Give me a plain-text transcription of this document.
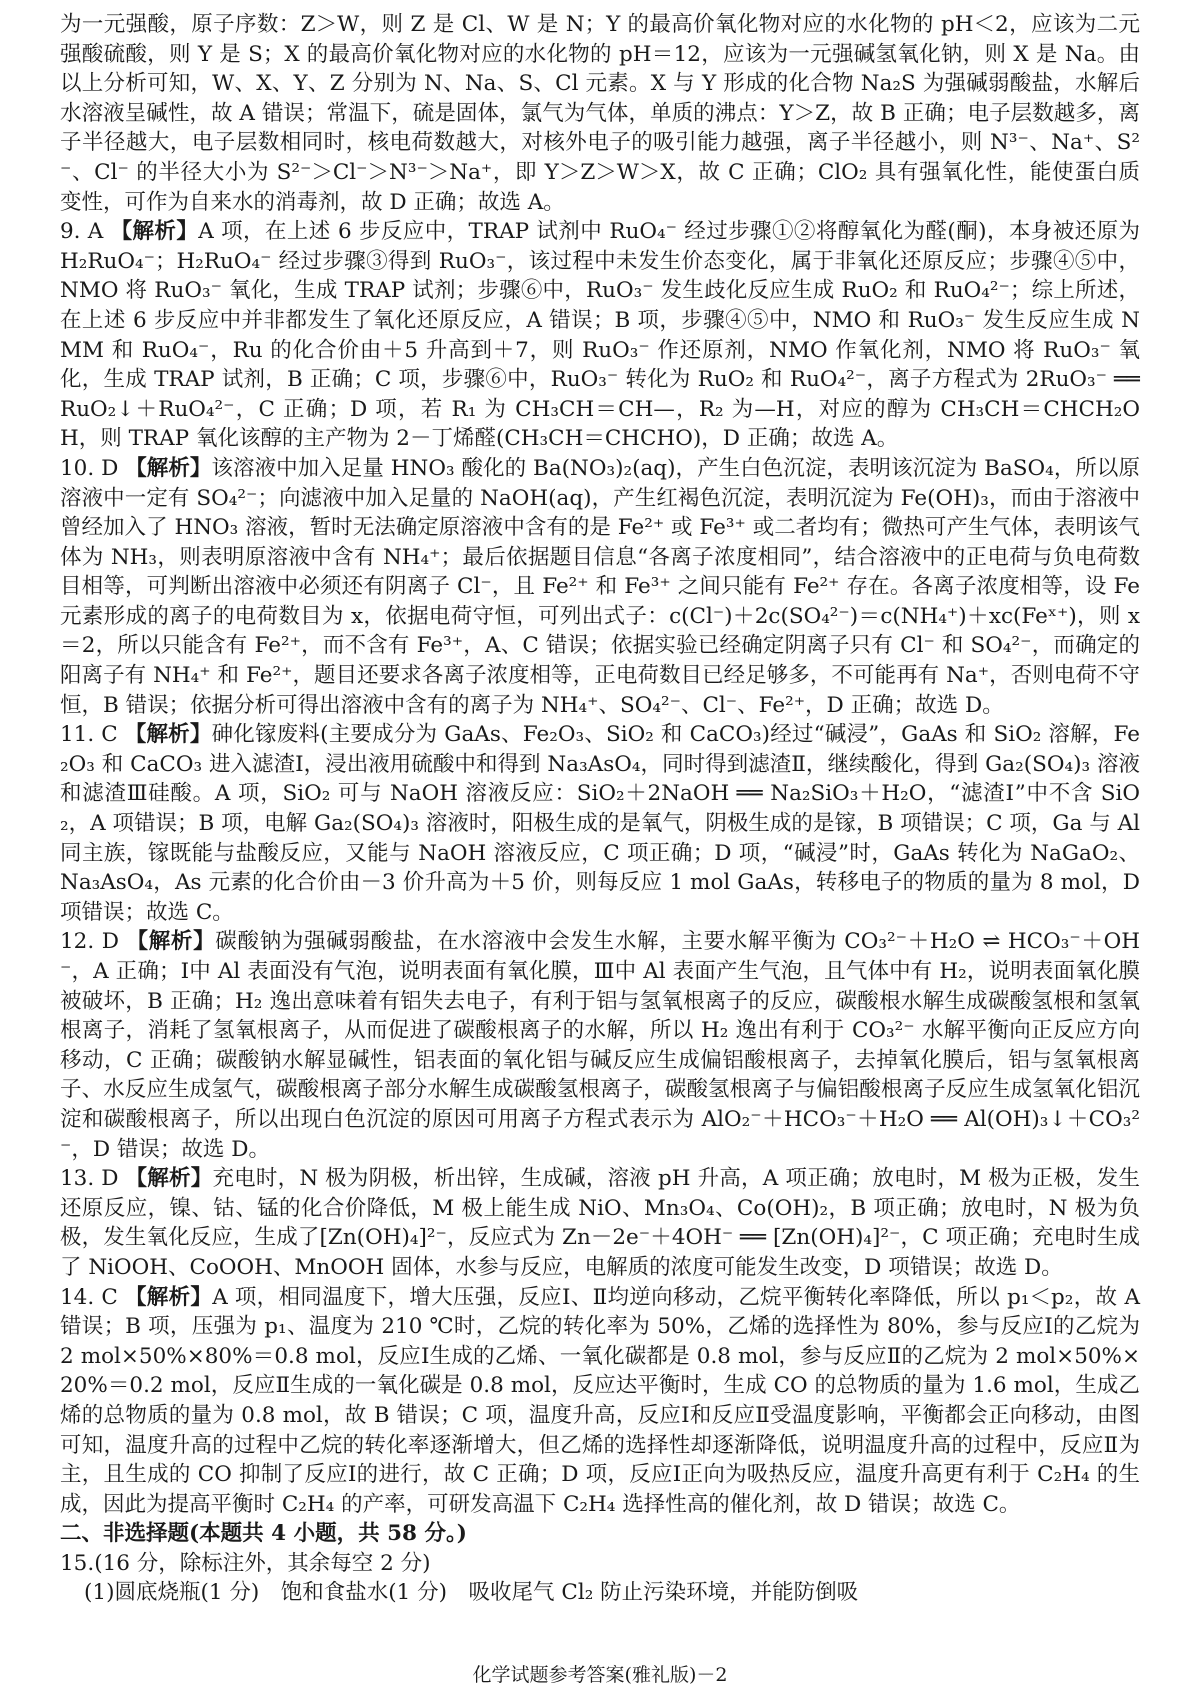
为一元强酸，原子序数：Z＞W，则 Z 是 Cl、W 是 N；Y 的最高价氧化物对应的水化物的 pH＜2，应该为二元强酸硫酸，则 Y 是 S；X 的最高价氧化物对应的水化物的 pH＝12，应该为一元强碱氢氧化钠，则 X 是 Na。由以上分析可知，W、X、Y、Z 分别为 N、Na、S、Cl 元素。X 与 Y 形成的化合物 Na₂S 为强碱弱酸盐，水解后水溶液呈碱性，故 A 错误；常温下，硫是固体，氯气为气体，单质的沸点：Y＞Z，故 B 正确；电子层数越多，离子半径越大，电子层数相同时，核电荷数越大，对核外电子的吸引能力越强，离子半径越小，则 N³⁻、Na⁺、S²⁻、Cl⁻ 的半径大小为 S²⁻＞Cl⁻＞N³⁻＞Na⁺，即 Y＞Z＞W＞X，故 C 正确；ClO₂ 具有强氧化性，能使蛋白质变性，可作为自来水的消毒剂，故 D 正确；故选 A。

9. A 【解析】A 项，在上述 6 步反应中，TRAP 试剂中 RuO₄⁻ 经过步骤①②将醇氧化为醛(酮)，本身被还原为 H₂RuO₄⁻；H₂RuO₄⁻ 经过步骤③得到 RuO₃⁻，该过程中未发生价态变化，属于非氧化还原反应；步骤④⑤中，NMO 将 RuO₃⁻ 氧化，生成 TRAP 试剂；步骤⑥中，RuO₃⁻ 发生歧化反应生成 RuO₂ 和 RuO₄²⁻；综上所述，在上述 6 步反应中并非都发生了氧化还原反应，A 错误；B 项，步骤④⑤中，NMO 和 RuO₃⁻ 发生反应生成 NMM 和 RuO₄⁻，Ru 的化合价由＋5 升高到＋7，则 RuO₃⁻ 作还原剂，NMO 作氧化剂，NMO 将 RuO₃⁻ 氧化，生成 TRAP 试剂，B 正确；C 项，步骤⑥中，RuO₃⁻ 转化为 RuO₂ 和 RuO₄²⁻，离子方程式为 2RuO₃⁻ ══ RuO₂↓＋RuO₄²⁻，C 正确；D 项，若 R₁ 为 CH₃CH＝CH—，R₂ 为—H，对应的醇为 CH₃CH＝CHCH₂OH，则 TRAP 氧化该醇的主产物为 2－丁烯醛(CH₃CH＝CHCHO)，D 正确；故选 A。

10. D 【解析】该溶液中加入足量 HNO₃ 酸化的 Ba(NO₃)₂(aq)，产生白色沉淀，表明该沉淀为 BaSO₄，所以原溶液中一定有 SO₄²⁻；向滤液中加入足量的 NaOH(aq)，产生红褐色沉淀，表明沉淀为 Fe(OH)₃，而由于溶液中曾经加入了 HNO₃ 溶液，暂时无法确定原溶液中含有的是 Fe²⁺ 或 Fe³⁺ 或二者均有；微热可产生气体，表明该气体为 NH₃，则表明原溶液中含有 NH₄⁺；最后依据题目信息“各离子浓度相同”，结合溶液中的正电荷与负电荷数目相等，可判断出溶液中必须还有阴离子 Cl⁻，且 Fe²⁺ 和 Fe³⁺ 之间只能有 Fe²⁺ 存在。各离子浓度相等，设 Fe 元素形成的离子的电荷数目为 x，依据电荷守恒，可列出式子：c(Cl⁻)＋2c(SO₄²⁻)＝c(NH₄⁺)＋xc(Feˣ⁺)，则 x＝2，所以只能含有 Fe²⁺，而不含有 Fe³⁺，A、C 错误；依据实验已经确定阴离子只有 Cl⁻ 和 SO₄²⁻，而确定的阳离子有 NH₄⁺ 和 Fe²⁺，题目还要求各离子浓度相等，正电荷数目已经足够多，不可能再有 Na⁺，否则电荷不守恒，B 错误；依据分析可得出溶液中含有的离子为 NH₄⁺、SO₄²⁻、Cl⁻、Fe²⁺，D 正确；故选 D。

11. C 【解析】砷化镓废料(主要成分为 GaAs、Fe₂O₃、SiO₂ 和 CaCO₃)经过“碱浸”，GaAs 和 SiO₂ 溶解，Fe₂O₃ 和 CaCO₃ 进入滤渣Ⅰ，浸出液用硫酸中和得到 Na₃AsO₄，同时得到滤渣Ⅱ，继续酸化，得到 Ga₂(SO₄)₃ 溶液和滤渣Ⅲ硅酸。A 项，SiO₂ 可与 NaOH 溶液反应：SiO₂＋2NaOH ══ Na₂SiO₃＋H₂O，“滤渣Ⅰ”中不含 SiO₂，A 项错误；B 项，电解 Ga₂(SO₄)₃ 溶液时，阳极生成的是氧气，阴极生成的是镓，B 项错误；C 项，Ga 与 Al 同主族，镓既能与盐酸反应，又能与 NaOH 溶液反应，C 项正确；D 项，“碱浸”时，GaAs 转化为 NaGaO₂、Na₃AsO₄，As 元素的化合价由－3 价升高为＋5 价，则每反应 1 mol GaAs，转移电子的物质的量为 8 mol，D 项错误；故选 C。

12. D 【解析】碳酸钠为强碱弱酸盐，在水溶液中会发生水解，主要水解平衡为 CO₃²⁻＋H₂O ⇌ HCO₃⁻＋OH⁻，A 正确；Ⅰ中 Al 表面没有气泡，说明表面有氧化膜，Ⅲ中 Al 表面产生气泡，且气体中有 H₂，说明表面氧化膜被破坏，B 正确；H₂ 逸出意味着有铝失去电子，有利于铝与氢氧根离子的反应，碳酸根水解生成碳酸氢根和氢氧根离子，消耗了氢氧根离子，从而促进了碳酸根离子的水解，所以 H₂ 逸出有利于 CO₃²⁻ 水解平衡向正反应方向移动，C 正确；碳酸钠水解显碱性，铝表面的氧化铝与碱反应生成偏铝酸根离子，去掉氧化膜后，铝与氢氧根离子、水反应生成氢气，碳酸根离子部分水解生成碳酸氢根离子，碳酸氢根离子与偏铝酸根离子反应生成氢氧化铝沉淀和碳酸根离子，所以出现白色沉淀的原因可用离子方程式表示为 AlO₂⁻＋HCO₃⁻＋H₂O ══ Al(OH)₃↓＋CO₃²⁻，D 错误；故选 D。

13. D 【解析】充电时，N 极为阴极，析出锌，生成碱，溶液 pH 升高，A 项正确；放电时，M 极为正极，发生还原反应，镍、钴、锰的化合价降低，M 极上能生成 NiO、Mn₃O₄、Co(OH)₂，B 项正确；放电时，N 极为负极，发生氧化反应，生成了[Zn(OH)₄]²⁻，反应式为 Zn－2e⁻＋4OH⁻ ══ [Zn(OH)₄]²⁻，C 项正确；充电时生成了 NiOOH、CoOOH、MnOOH 固体，水参与反应，电解质的浓度可能发生改变，D 项错误；故选 D。

14. C 【解析】A 项，相同温度下，增大压强，反应Ⅰ、Ⅱ均逆向移动，乙烷平衡转化率降低，所以 p₁＜p₂，故 A 错误；B 项，压强为 p₁、温度为 210 ℃时，乙烷的转化率为 50%，乙烯的选择性为 80%，参与反应Ⅰ的乙烷为 2 mol×50%×80%＝0.8 mol，反应Ⅰ生成的乙烯、一氧化碳都是 0.8 mol，参与反应Ⅱ的乙烷为 2 mol×50%×20%＝0.2 mol，反应Ⅱ生成的一氧化碳是 0.8 mol，反应达平衡时，生成 CO 的总物质的量为 1.6 mol，生成乙烯的总物质的量为 0.8 mol，故 B 错误；C 项，温度升高，反应Ⅰ和反应Ⅱ受温度影响，平衡都会正向移动，由图可知，温度升高的过程中乙烷的转化率逐渐增大，但乙烯的选择性却逐渐降低，说明温度升高的过程中，反应Ⅱ为主，且生成的 CO 抑制了反应Ⅰ的进行，故 C 正确；D 项，反应Ⅰ正向为吸热反应，温度升高更有利于 C₂H₄ 的生成，因此为提高平衡时 C₂H₄ 的产率，可研发高温下 C₂H₄ 选择性高的催化剂，故 D 错误；故选 C。

二、非选择题(本题共 4 小题，共 58 分。)

15.(16 分，除标注外，其余每空 2 分)

(1)圆底烧瓶(1 分)　饱和食盐水(1 分)　吸收尾气 Cl₂ 防止污染环境，并能防倒吸

化学试题参考答案(雅礼版)－2
